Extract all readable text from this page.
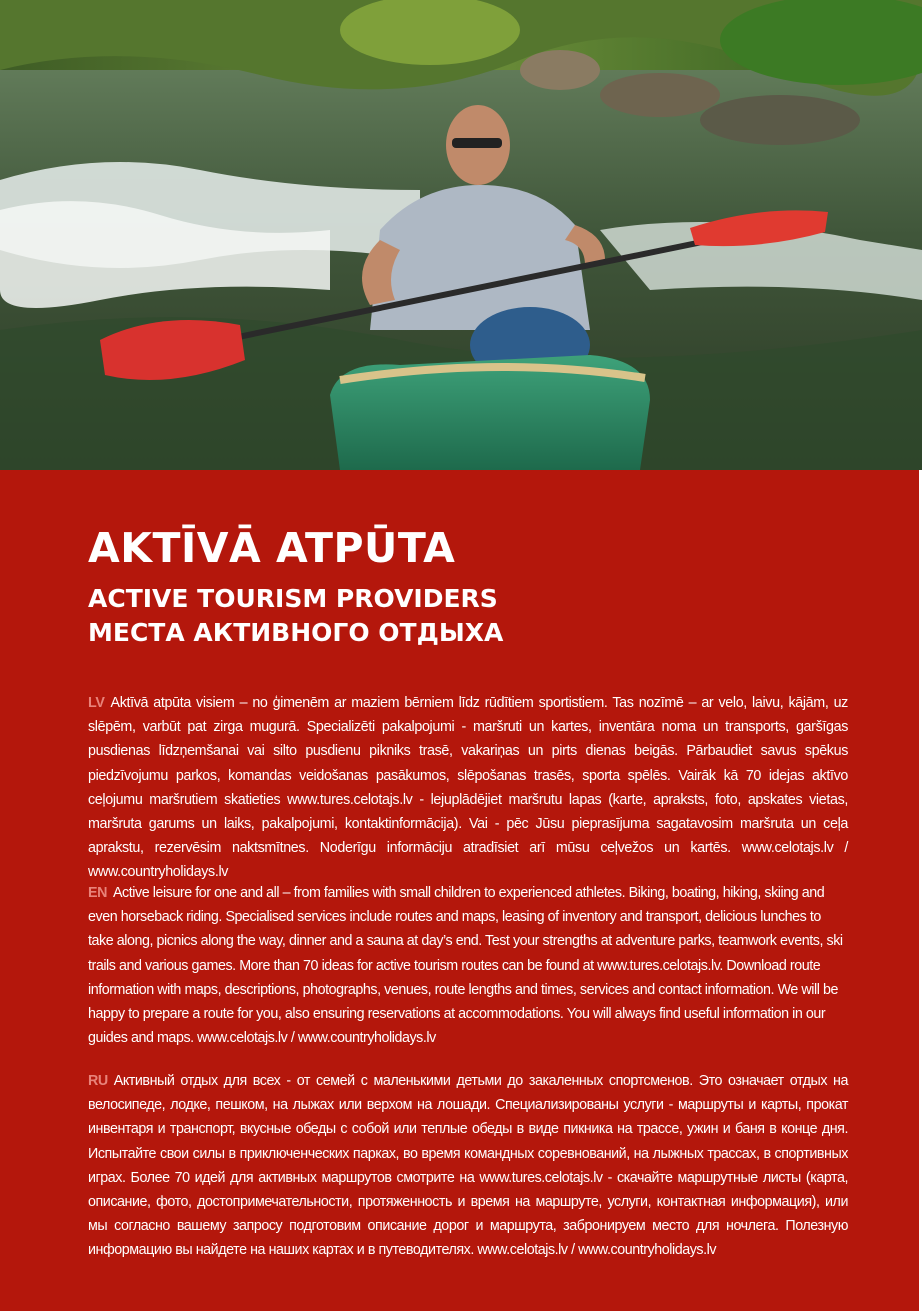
AKTĪVĀ ATPŪTA
ACTIVE TOURISM PROVIDERS
МЕСТА АКТИВНОГО ОТДЫХА

LV Aktīvā atpūta visiem – no ģimenēm ar maziem bērniem līdz rūdītiem sportistiem. Tas nozīmē – ar velo, laivu, kājām, uz slēpēm, varbūt pat zirga mugurā. Specializēti pakalpojumi - maršruti un kartes, inventāra noma un transports, garšīgas pusdienas līdzņemšanai vai silto pusdienu pikniks trasē, vakariņas un pirts dienas beigās. Pārbaudiet savus spēkus piedzīvojumu parkos, komandas veidošanas pasākumos, slēpošanas trasēs, sporta spēlēs. Vairāk kā 70 idejas aktīvo ceļojumu maršrutiem skatieties www.tures.celotajs.lv - lejuplādējiet maršrutu lapas (karte, apraksts, foto, apskates vietas, maršruta garums un laiks, pakalpojumi, kontaktinformācija). Vai - pēc Jūsu pieprasījuma sagatavosim maršruta un ceļa aprakstu, rezervēsim naktsmītnes. Noderīgu informāciju atradīsiet arī mūsu ceļvežos un kartēs. www.celotajs.lv / www.countryholidays.lv

EN Active leisure for one and all – from families with small children to experienced athletes. Biking, boating, hiking, skiing and even horseback riding. Specialised services include routes and maps, leasing of inventory and transport, delicious lunches to take along, picnics along the way, dinner and a sauna at day’s end. Test your strengths at adventure parks, teamwork events, ski trails and various games. More than 70 ideas for active tourism routes can be found at www.tures.celotajs.lv. Download route information with maps, descriptions, photographs, venues, route lengths and times, services and contact information. We will be happy to prepare a route for you, also ensuring reservations at accommodations. You will always find useful information in our guides and maps. www.celotajs.lv / www.countryholidays.lv

RU Активный отдых для всех - от семей с маленькими детьми до закаленных спортсменов. Это означает отдых на велосипеде, лодке, пешком, на лыжах или верхом на лошади. Специализированы услуги - маршруты и карты, прокат инвентаря и транспорт, вкусные обеды с собой или теплые обеды в виде пикника на трассе, ужин и баня в конце дня. Испытайте свои силы в приключенческих парках, во время командных соревнований, на лыжных трассах, в спортивных играх. Более 70 идей для активных маршрутов смотрите на www.tures.celotajs.lv - скачайте маршрутные листы (карта, описание, фото, достопримечательности, протяженность и время на маршруте, услуги, контактная информация), или мы согласно вашему запросу подготовим описание дорог и маршрута, забронируем место для ночлега. Полезную информацию вы найдете на наших картах и в путеводителях. www.celotajs.lv / www.countryholidays.lv
